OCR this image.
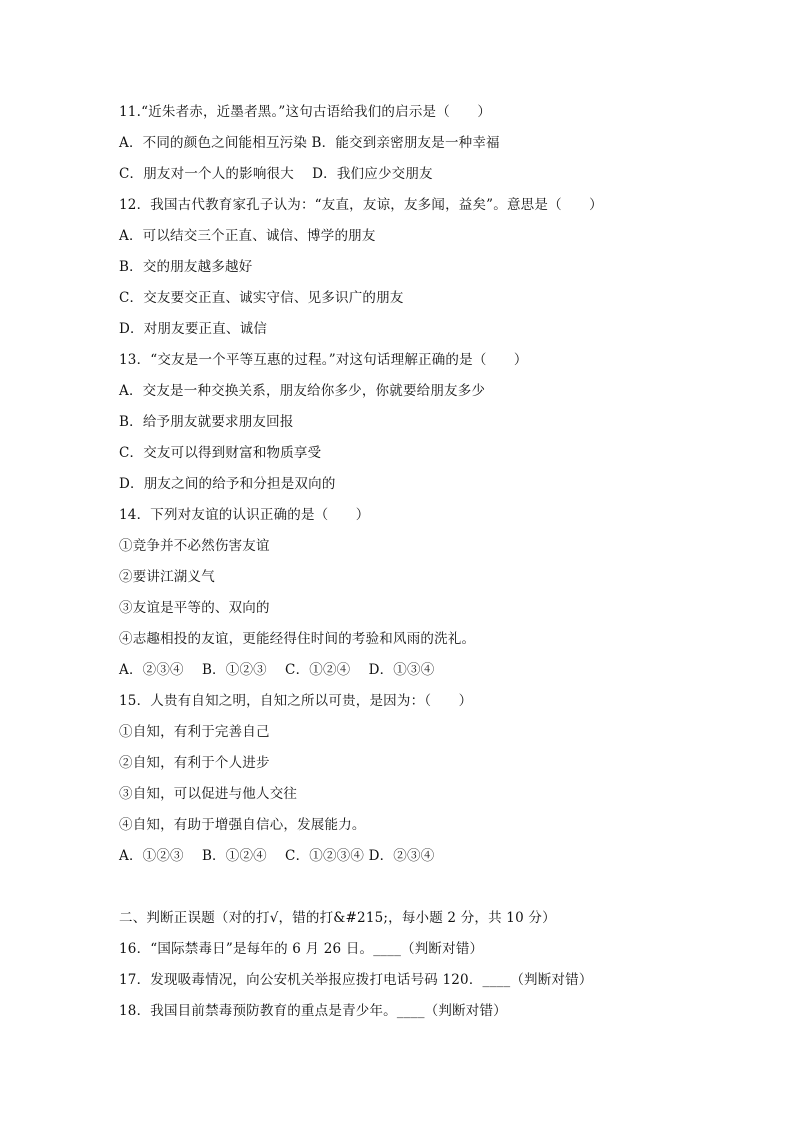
11.“近朱者赤，近墨者黑。”这句古语给我们的启示是（　　）
A．不同的颜色之间能相互污染 B．能交到亲密朋友是一种幸福
C．朋友对一个人的影响很大　 D．我们应少交朋友
12．我国古代教育家孔子认为：“友直，友谅，友多闻，益矣”。意思是（　　）
A．可以结交三个正直、诚信、博学的朋友
B．交的朋友越多越好
C．交友要交正直、诚实守信、见多识广的朋友
D．对朋友要正直、诚信
13．“交友是一个平等互惠的过程。”对这句话理解正确的是（　　）
A．交友是一种交换关系，朋友给你多少，你就要给朋友多少
B．给予朋友就要求朋友回报
C．交友可以得到财富和物质享受
D．朋友之间的给予和分担是双向的
14．下列对友谊的认识正确的是（　　）
①竞争并不必然伤害友谊
②要讲江湖义气
③友谊是平等的、双向的
④志趣相投的友谊，更能经得住时间的考验和风雨的洗礼。
A．②③④　 B．①②③　 C．①②④　 D．①③④
15．人贵有自知之明，自知之所以可贵，是因为：（　　）
①自知，有利于完善自己
②自知，有利于个人进步
③自知，可以促进与他人交往
④自知，有助于增强自信心，发展能力。
A．①②③　 B．①②④　 C．①②③④ D．②③④
二、判断正误题（对的打√，错的打&#215;，每小题 2 分，共 10 分）
16．“国际禁毒日”是每年的 6 月 26 日。____（判断对错）
17．发现吸毒情况，向公安机关举报应拨打电话号码 120．____（判断对错）
18．我国目前禁毒预防教育的重点是青少年。____（判断对错）
